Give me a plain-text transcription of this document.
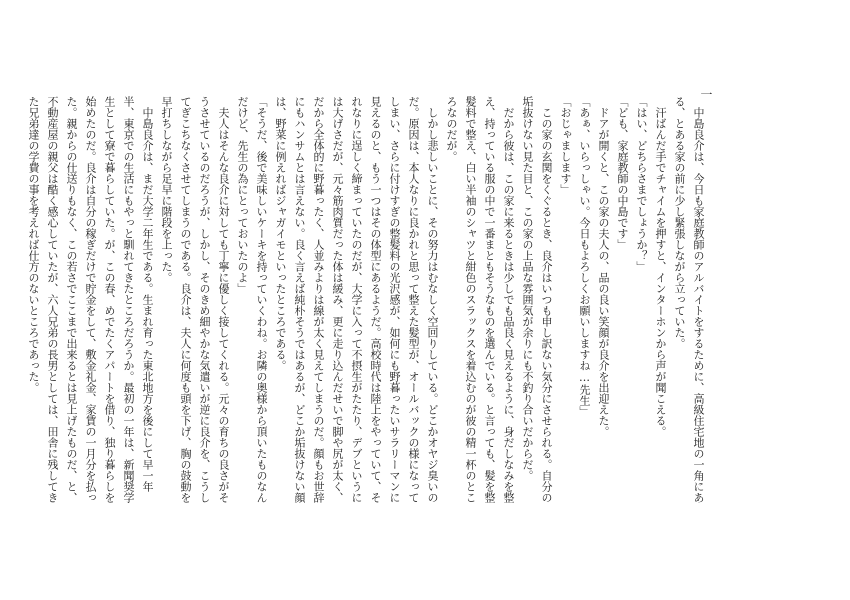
一

　中島良介は、今日も家庭教師のアルバイトをするために、高級住宅地の一角にある、とある家の前に少し緊張しながら立っていた。

　汗ばんだ手でチャイムを押すと、インターホンから声が聞こえる。

「はい、どちらさまでしょうか？」

「ども、家庭教師の中島です」

　ドアが開くと、この家の夫人の、品の良い笑顔が良介を出迎えた。

「あぁ、いらっしゃい。今日もよろしくお願いしますね…先生」

「おじゃまします」

　この家の玄関をくぐるとき、良介はいつも申し訳ない気分にさせられる。自分の垢抜けない見た目と、この家の上品な雰囲気が余りにも不釣り合いだからだ。

　だから彼は、この家に来るときは少しでも品良く見えるように、身だしなみを整え、持っている服の中で一番まともそうなものを選んでいる。と言っても、髪を整髪料で整え、白い半袖のシャツと紺色のスラックスを着込むのが彼の精一杯のところなのだが。

　しかし悲しいことに、その努力はむなしく空回りしている。どこかオヤジ臭いのだ。原因は、本人なりに良かれと思って整えた髪型が、オールバックの様になってしまい、さらに付けすぎの整髪料の光沢感が、如何にも野暮ったいサラリーマンに見えるのと、もう一つはその体型にあるようだ。高校時代は陸上をやっていて、それなりに逞しく締まっていたのだが、大学に入って不摂生がたたり、デブというには大げさだが、元々筋肉質だった体は緩み、更に走り込んだせいで脚や尻が太く、だから全体的に野暮ったく、人並みよりは線が太く見えてしまうのだ。顔もお世辞にもハンサムとは言えない。良く言えば純朴そうではあるが、どこか垢抜けない顔は、野菜に例えればジャガイモといったところである。

「そうだ、後で美味しいケーキを持っていくわね。お隣の奥様から頂いたものなんだけど、先生の為にとっておいたのよ」

　夫人はそんな良介に対しても丁寧に優しく接してくれる。元々の育ちの良さがそうさせているのだろうが、しかし、そのきめ細やかな気遣いが逆に良介を、こうしてぎこちなくさせてしまうのである。良介は、夫人に何度も頭を下げ、胸の鼓動を早打ちしながら足早に階段を上った。

　中島良介は、まだ大学二年生である。生まれ育った東北地方を後にして早一年半、東京での生活にもやっと馴れてきたところだろうか。最初の一年は、新聞奨学生として寮で暮らしていた。が、この春、めでたくアパートを借り、独り暮らしを始めたのだ。良介は自分の稼ぎだけで貯金をして、敷金礼金、家賃の一月分を払った。親からの仕送りもなく、この若さでここまで出来るとは見上げたものだ、と、不動産屋の親父は酷く感心していたが、六人兄弟の長男としては、田舎に残してきた兄弟達の学費の事を考えれば仕方のないところであった。
